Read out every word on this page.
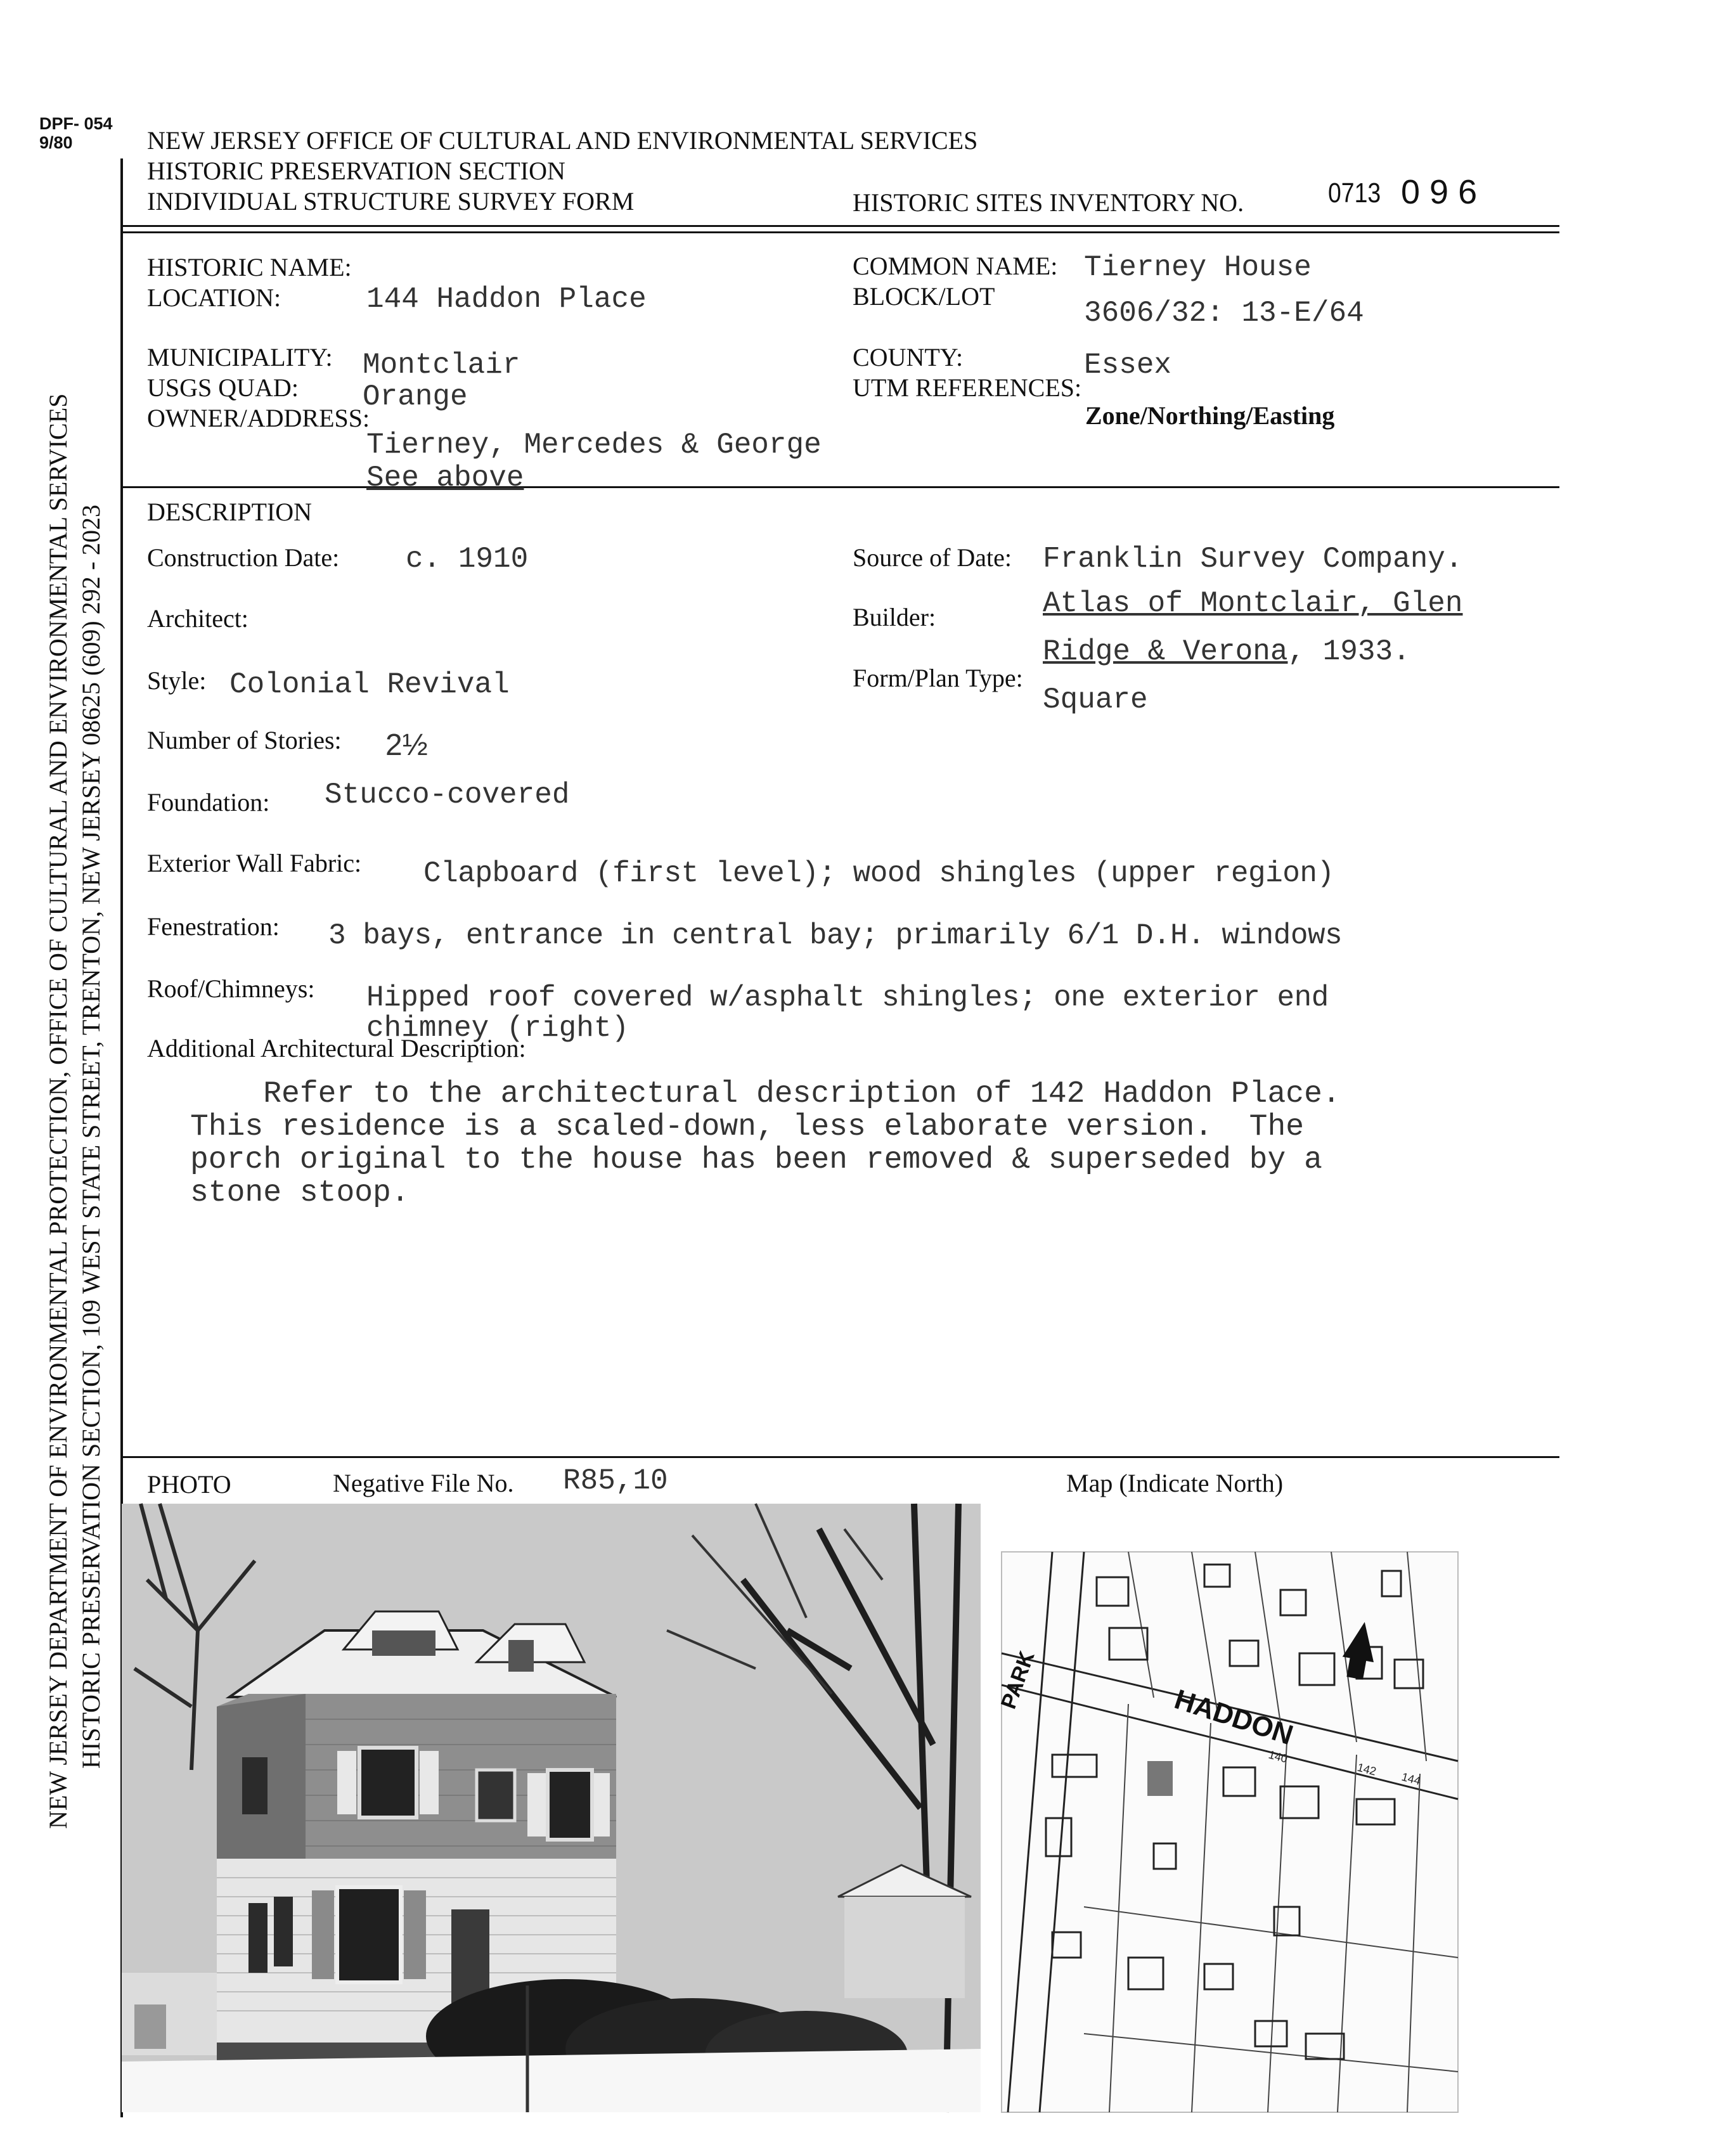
DPF- 054
9/80	NEW JERSEY OFFICE OF CULTURAL AND ENVIRONMENTAL SERVICES
HISTORIC PRESERVATION SECTION
INDIVIDUAL STRUCTURE SURVEY FORM	HISTORIC SITES INVENTORY NO.	0713 0 9 6
NEW JERSEY DEPARTMENT OF ENVIRONMENTAL PROTECTION, OFFICE OF CULTURAL AND ENVIRONMENTAL SERVICES HISTORIC PRESERVATION SECTION, 109 WEST STATE STREET, TRENTON, NEW JERSEY 08625 (609) 292 - 2023
HISTORIC NAME:
LOCATION:	144 Haddon Place
MUNICIPALITY: Montclair
USGS QUAD: Orange
OWNER/ADDRESS:
Tierney, Mercedes & George
See above
COMMON NAME: Tierney House
BLOCK/LOT
3606/32: 13-E/64
COUNTY:	Essex
UTM REFERENCES:
Zone/Northing/Easting
DESCRIPTION
Construction Date: c. 1910	Source of Date: Franklin Survey Company.
Architect:	Builder:	Atlas of Montclair, Glen
Ridge & Verona, 1933.
Style: Colonial Revival	Form/Plan Type:
Square
Number of Stories: 2½
Foundation: Stucco-covered
Exterior Wall Fabric: Clapboard (first level); wood shingles (upper region)
Fenestration: 3 bays, entrance in central bay; primarily 6/1 D.H. windows
Roof/Chimneys: Hipped roof covered w/asphalt shingles; one exterior end
chimney (right)
Additional Architectural Description:
Refer to the architectural description of 142 Haddon Place.
This residence is a scaled-down, less elaborate version.  The
porch original to the house has been removed & superseded by a
stone stoop.
PHOTO	Negative File No. R85,10	Map (Indicate North)
PARK
HADDON
140
142
144
